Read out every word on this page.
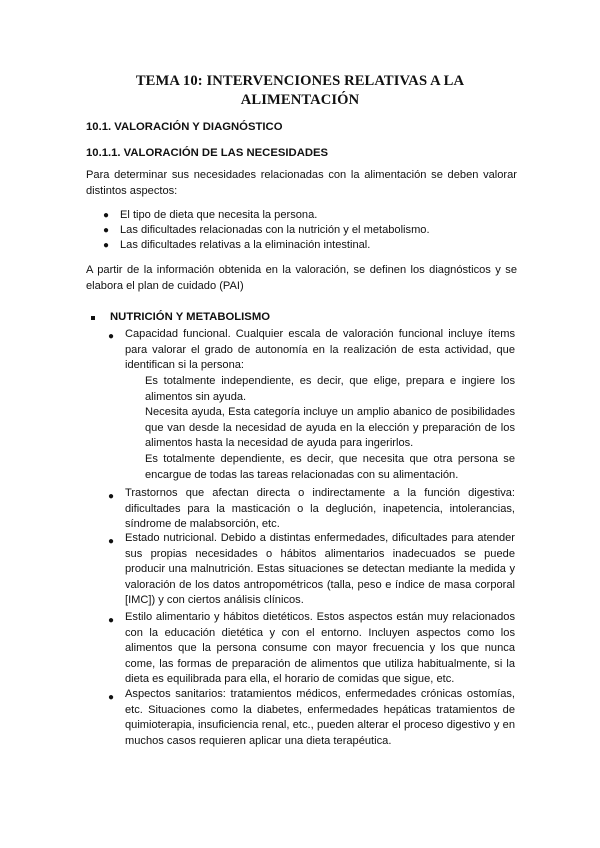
TEMA 10: INTERVENCIONES RELATIVAS A LA
ALIMENTACIÓN
10.1. VALORACIÓN Y DIAGNÓSTICO
10.1.1. VALORACIÓN DE LAS NECESIDADES
Para determinar sus necesidades relacionadas con la alimentación se deben valorar distintos aspectos:
● El tipo de dieta que necesita la persona.
● Las dificultades relacionadas con la nutrición y el metabolismo.
● Las dificultades relativas a la eliminación intestinal.
A partir de la información obtenida en la valoración, se definen los diagnósticos y se elabora el plan de cuidado (PAI)
NUTRICIÓN Y METABOLISMO
● Capacidad funcional. Cualquier escala de valoración funcional incluye ítems para valorar el grado de autonomía en la realización de esta actividad, que identifican si la persona:
Es totalmente independiente, es decir, que elige, prepara e ingiere los alimentos sin ayuda.
Necesita ayuda, Esta categoría incluye un amplio abanico de posibilidades que van desde la necesidad de ayuda en la elección y preparación de los alimentos hasta la necesidad de ayuda para ingerirlos.
Es totalmente dependiente, es decir, que necesita que otra persona se encargue de todas las tareas relacionadas con su alimentación.
● Trastornos que afectan directa o indirectamente a la función digestiva: dificultades para la masticación o la deglución, inapetencia, intolerancias, síndrome de malabsorción, etc.
● Estado nutricional. Debido a distintas enfermedades, dificultades para atender sus propias necesidades o hábitos alimentarios inadecuados se puede producir una malnutrición. Estas situaciones se detectan mediante la medida y valoración de los datos antropométricos (talla, peso e índice de masa corporal [IMC]) y con ciertos análisis clínicos.
● Estilo alimentario y hábitos dietéticos. Estos aspectos están muy relacionados con la educación dietética y con el entorno. Incluyen aspectos como los alimentos que la persona consume con mayor frecuencia y los que nunca come, las formas de preparación de alimentos que utiliza habitualmente, si la dieta es equilibrada para ella, el horario de comidas que sigue, etc.
● Aspectos sanitarios: tratamientos médicos, enfermedades crónicas ostomías, etc. Situaciones como la diabetes, enfermedades hepáticas tratamientos de quimioterapia, insuficiencia renal, etc., pueden alterar el proceso digestivo y en muchos casos requieren aplicar una dieta terapéutica.
